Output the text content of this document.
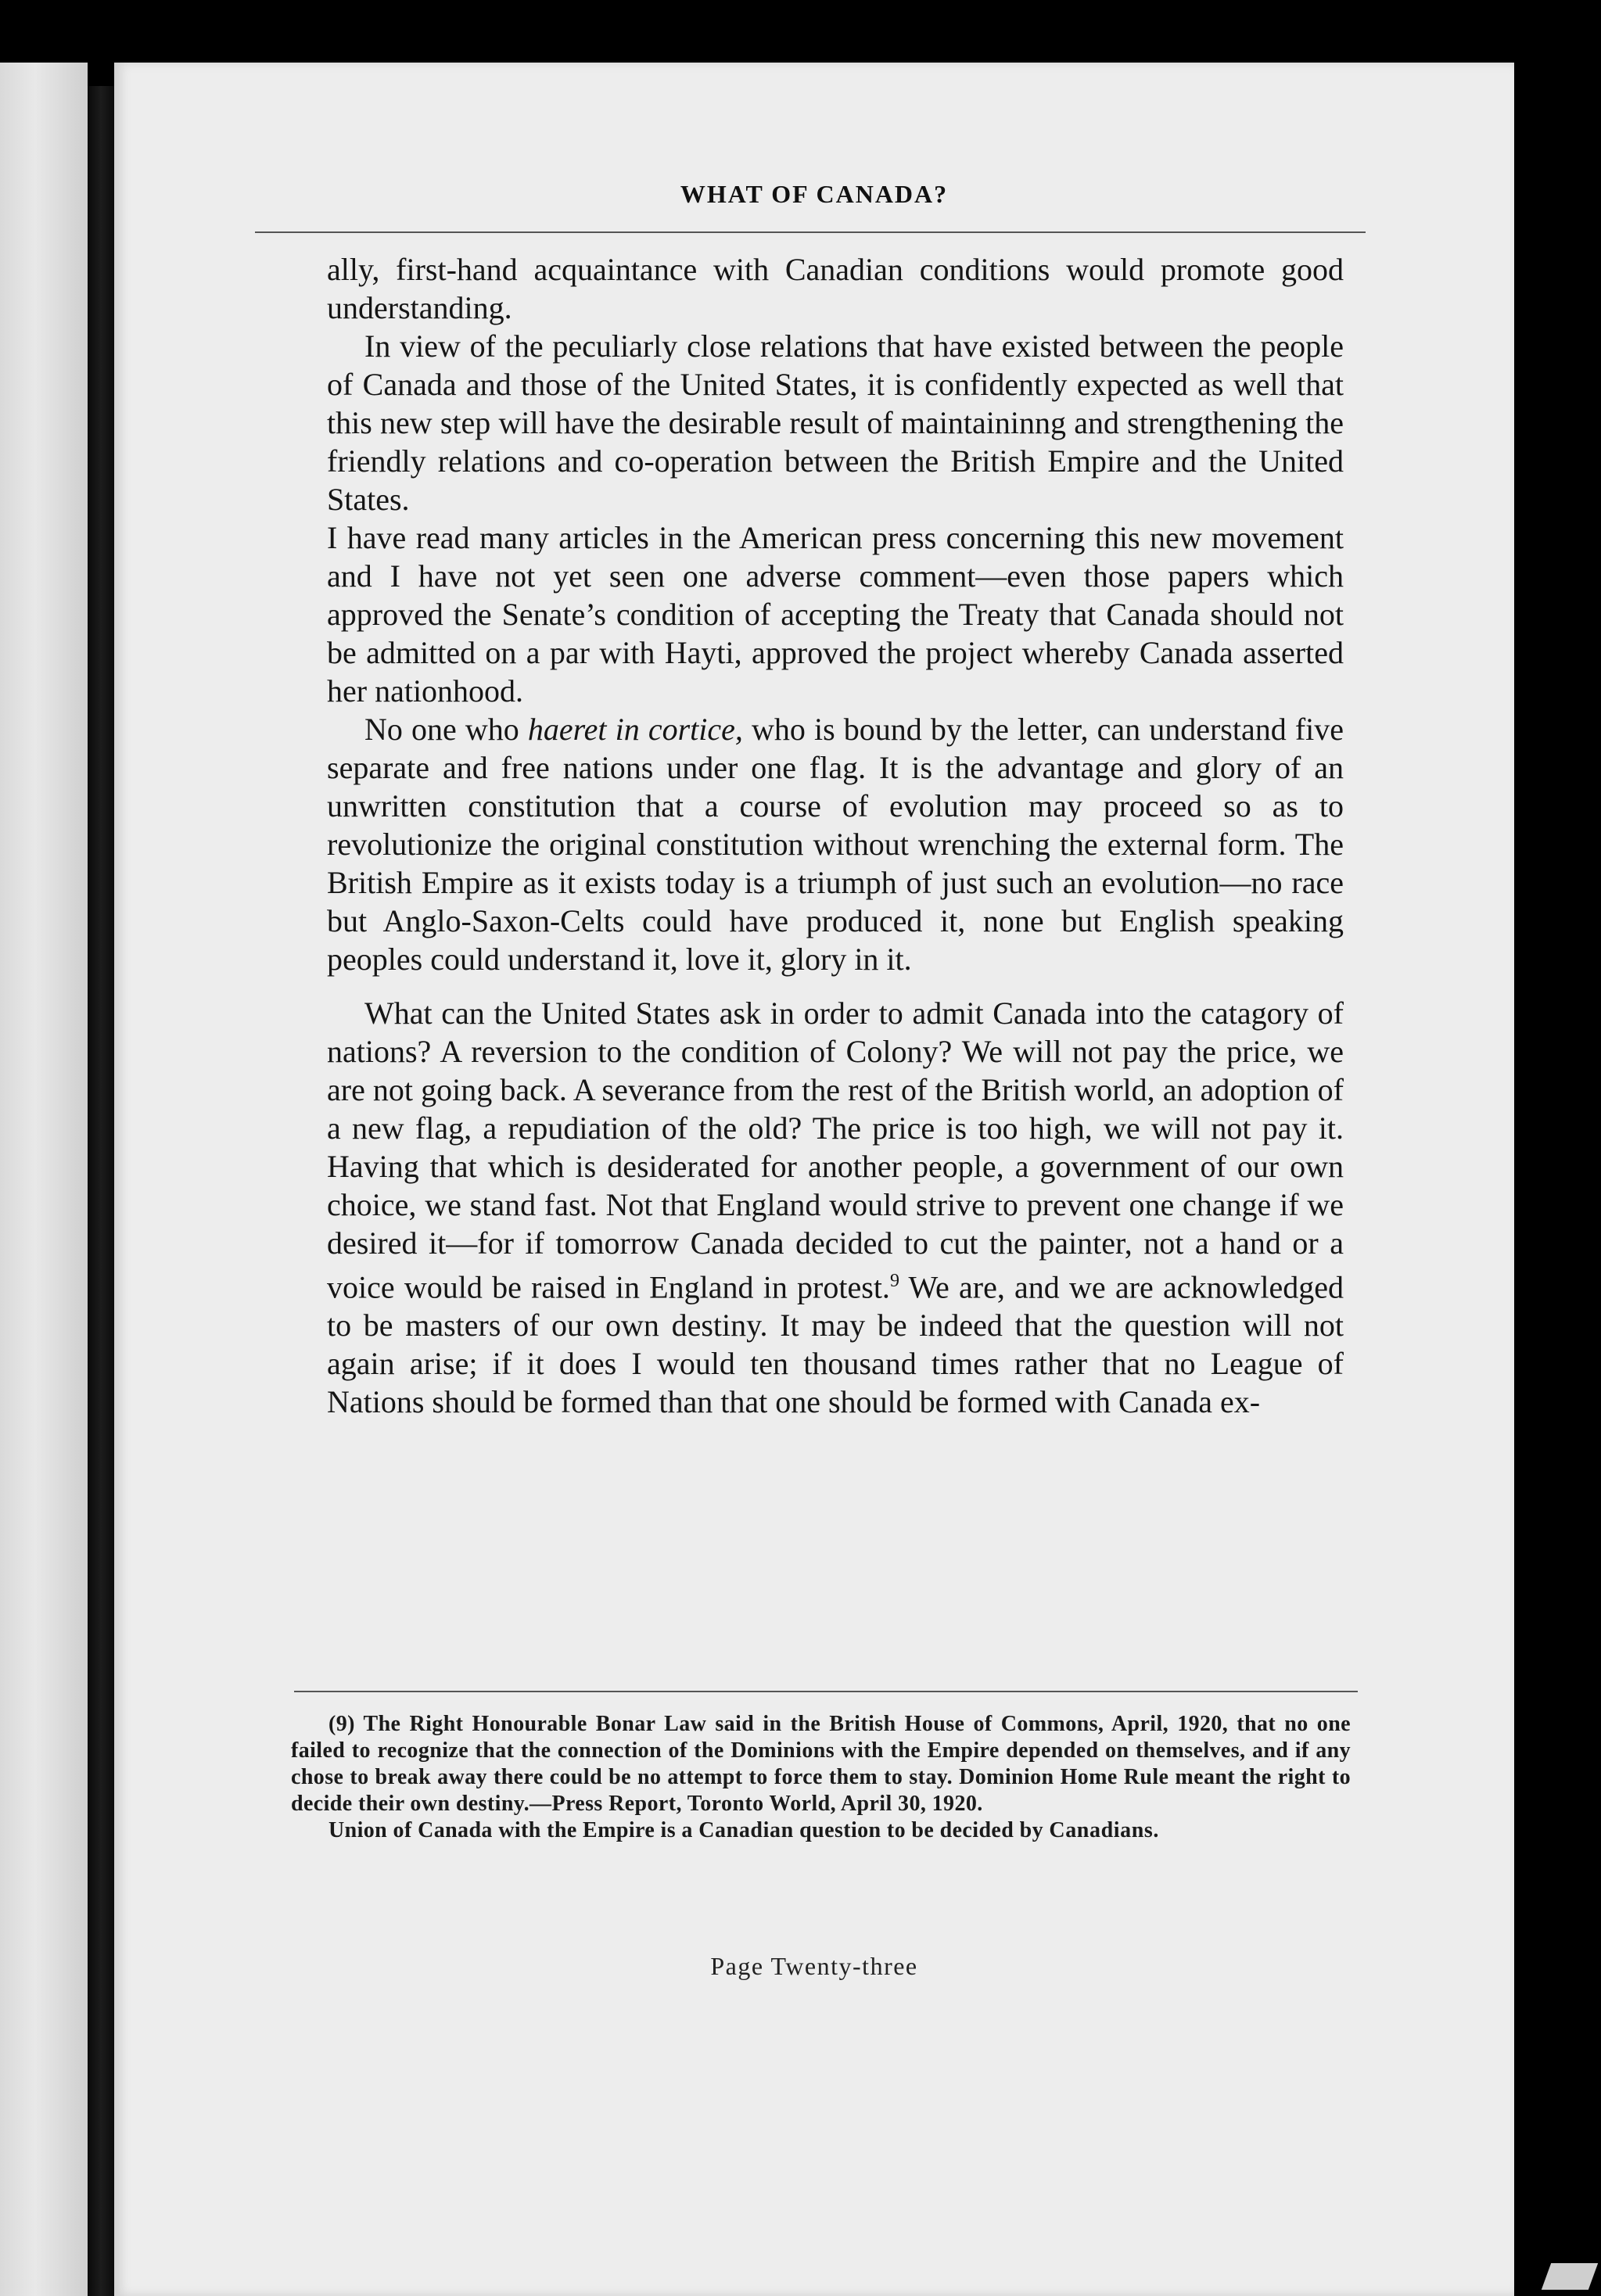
WHAT OF CANADA?

ally, first-hand acquaintance with Canadian conditions would promote good understanding.

In view of the peculiarly close relations that have existed between the people of Canada and those of the United States, it is confidently expected as well that this new step will have the desirable result of maintaininng and strengthening the friendly relations and co-operation between the British Empire and the United States.

I have read many articles in the American press concerning this new movement and I have not yet seen one adverse comment—even those papers which approved the Senate’s condition of accepting the Treaty that Canada should not be admitted on a par with Hayti, approved the project whereby Canada asserted her nationhood.

No one who haeret in cortice, who is bound by the letter, can understand five separate and free nations under one flag. It is the advantage and glory of an unwritten constitution that a course of evolution may proceed so as to revolutionize the original constitution without wrenching the external form. The British Empire as it exists today is a triumph of just such an evolution—no race but Anglo-Saxon-Celts could have produced it, none but English speaking peoples could understand it, love it, glory in it.

What can the United States ask in order to admit Canada into the catagory of nations? A reversion to the condition of Colony? We will not pay the price, we are not going back. A severance from the rest of the British world, an adoption of a new flag, a repudiation of the old? The price is too high, we will not pay it. Having that which is desiderated for another people, a government of our own choice, we stand fast. Not that England would strive to prevent one change if we desired it—for if tomorrow Canada decided to cut the painter, not a hand or a voice would be raised in England in protest.$^9$ We are, and we are acknowledged to be masters of our own destiny. It may be indeed that the question will not again arise; if it does I would ten thousand times rather that no League of Nations should be formed than that one should be formed with Canada ex-

(9) The Right Honourable Bonar Law said in the British House of Commons, April, 1920, that no one failed to recognize that the connection of the Dominions with the Empire depended on themselves, and if any chose to break away there could be no attempt to force them to stay. Dominion Home Rule meant the right to decide their own destiny.—Press Report, Toronto World, April 30, 1920.

Union of Canada with the Empire is a Canadian question to be decided by Canadians.

Page Twenty-three
